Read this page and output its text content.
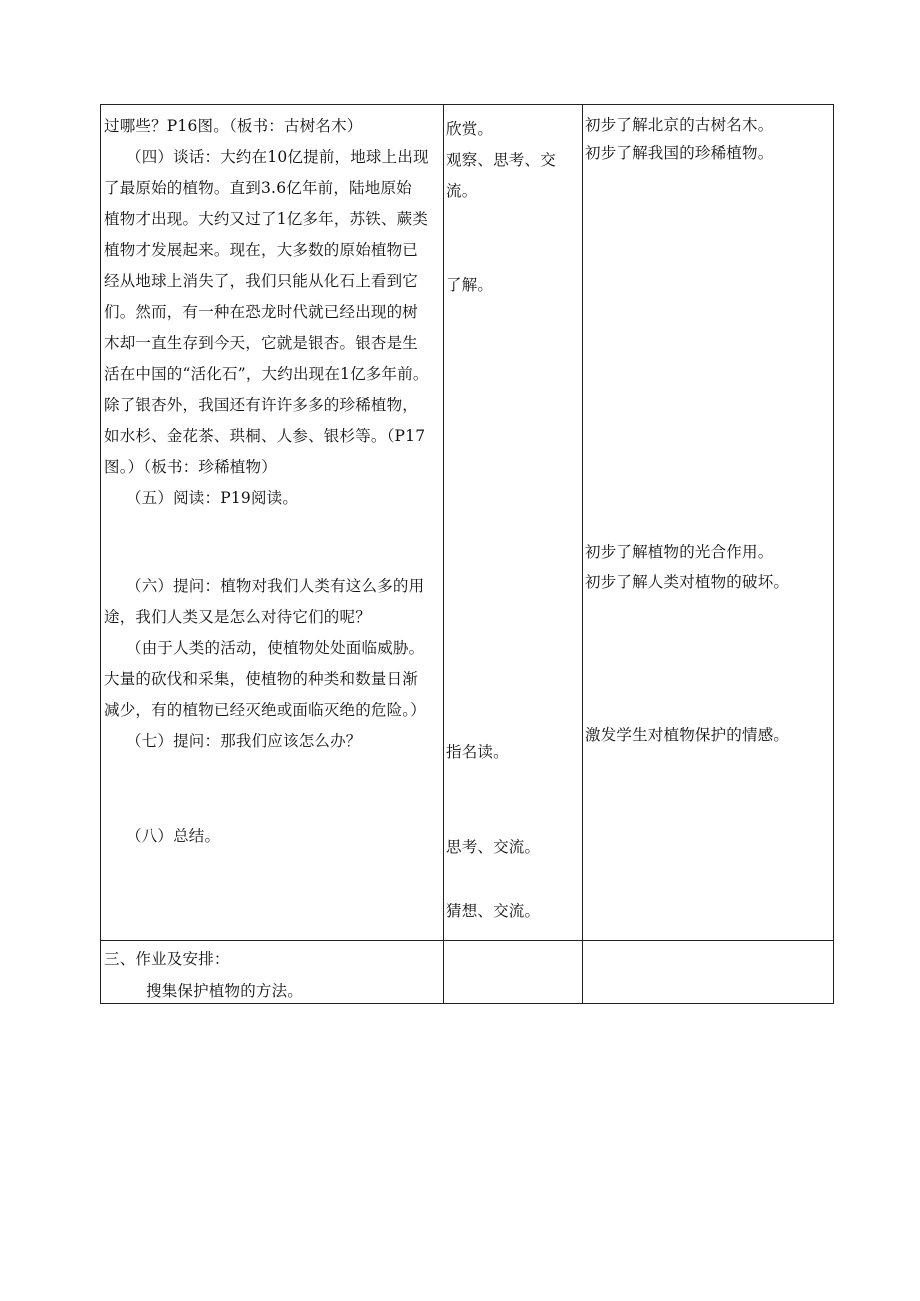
过哪些？P16图。（板书：古树名木）
（四）谈话：大约在10亿提前，地球上出现
了最原始的植物。直到3.6亿年前，陆地原始
植物才出现。大约又过了1亿多年，苏铁、蕨类
植物才发展起来。现在，大多数的原始植物已
经从地球上消失了，我们只能从化石上看到它
们。然而，有一种在恐龙时代就已经出现的树
木却一直生存到今天，它就是银杏。银杏是生
活在中国的“活化石”，大约出现在1亿多年前。
除了银杏外，我国还有许许多多的珍稀植物，
如水杉、金花茶、珙桐、人参、银杉等。（P17
图。）（板书：珍稀植物）
（五）阅读：P19阅读。
（六）提问：植物对我们人类有这么多的用
途，我们人类又是怎么对待它们的呢？
（由于人类的活动，使植物处处面临威胁。
大量的砍伐和采集，使植物的种类和数量日渐
减少，有的植物已经灭绝或面临灭绝的危险。）
（七）提问：那我们应该怎么办？
（八）总结。
欣赏。
观察、思考、交
流。
了解。
指名读。
思考、交流。
猜想、交流。
初步了解北京的古树名木。
初步了解我国的珍稀植物。
初步了解植物的光合作用。
初步了解人类对植物的破坏。
激发学生对植物保护的情感。
三、作业及安排：
搜集保护植物的方法。
